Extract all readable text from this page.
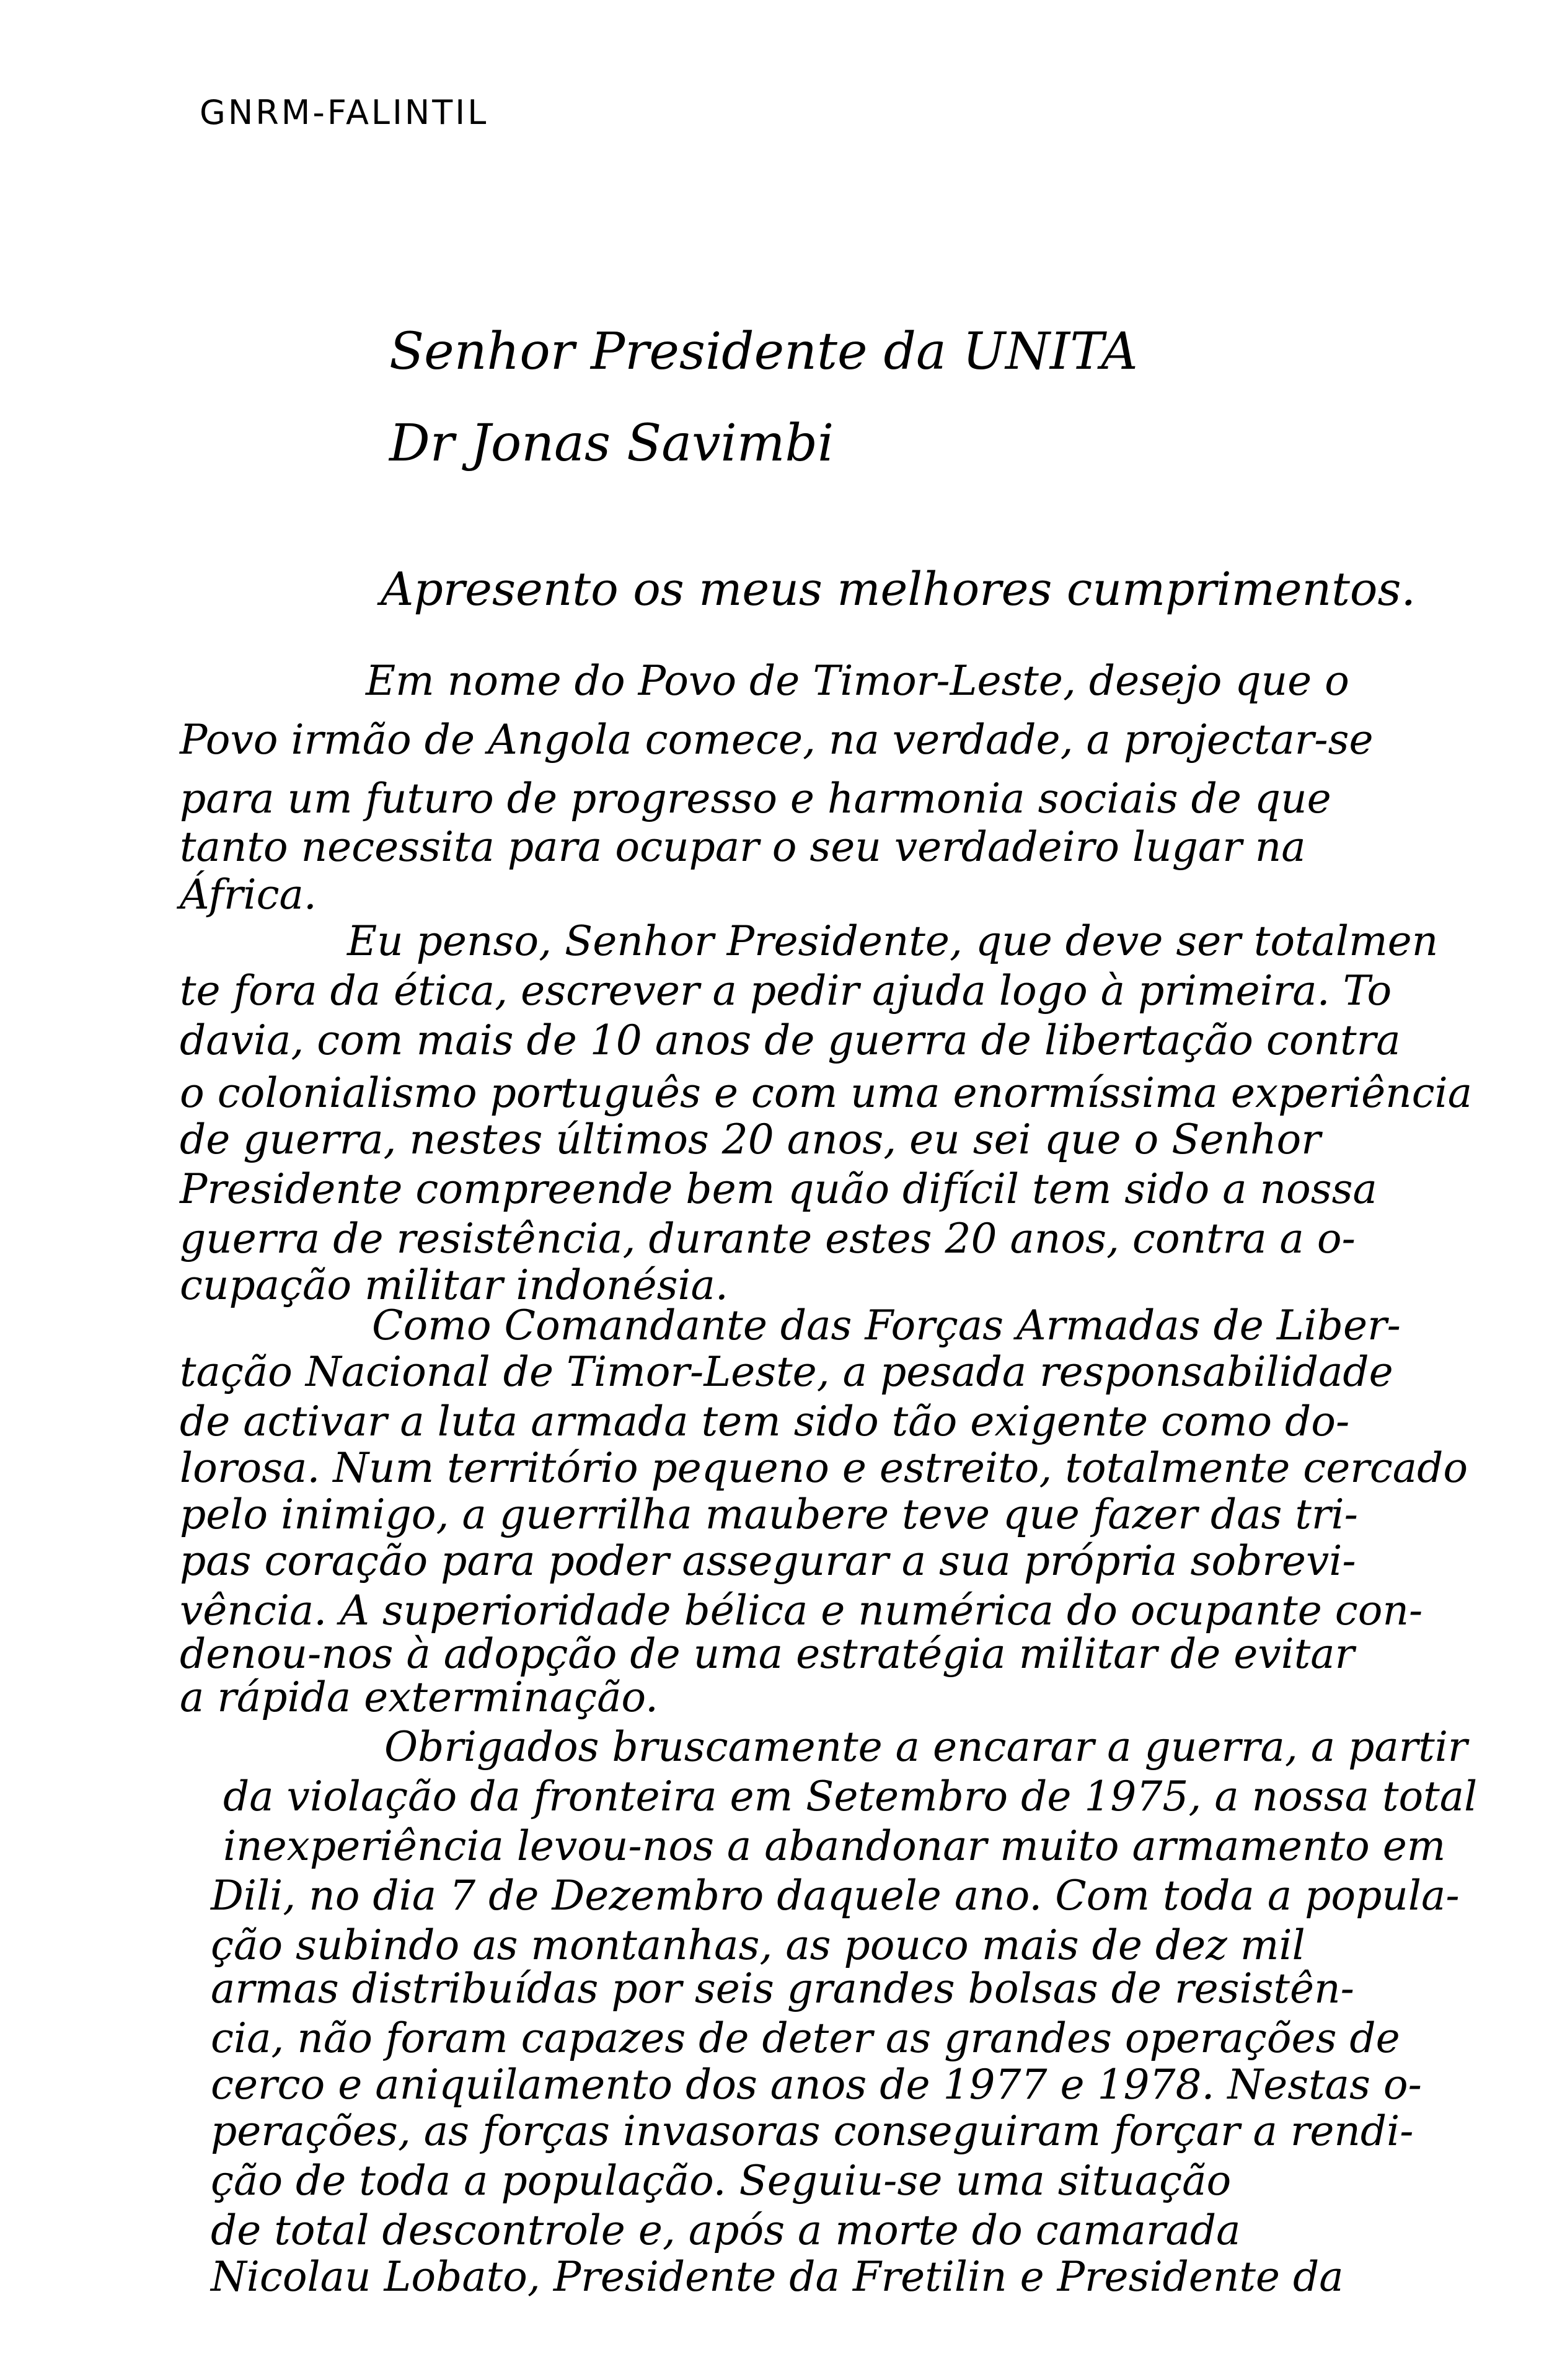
GNRM-FALINTIL
Senhor Presidente da UNITA
Dr Jonas Savimbi
Apresento os meus melhores cumprimentos.
Em nome do Povo de Timor-Leste, desejo que o
Povo irmão de Angola comece, na verdade, a projectar-se
para um futuro de progresso e harmonia sociais de que
tanto necessita para ocupar o seu verdadeiro lugar na
África.
Eu penso, Senhor Presidente, que deve ser totalmen
te fora da ética, escrever a pedir ajuda logo à primeira. To
davia, com mais de 10 anos de guerra de libertação contra
o colonialismo português e com uma enormíssima experiência
de guerra, nestes últimos 20 anos, eu sei que o Senhor
Presidente compreende bem quão difícil tem sido a nossa
guerra de resistência, durante estes 20 anos, contra a o-
cupação militar indonésia.
Como Comandante das Forças Armadas de Liber-
tação Nacional de Timor-Leste, a pesada responsabilidade
de activar a luta armada tem sido tão exigente como do-
lorosa. Num território pequeno e estreito, totalmente cercado
pelo inimigo, a guerrilha maubere teve que fazer das tri-
pas coração para poder assegurar a sua própria sobrevi-
vência. A superioridade bélica e numérica do ocupante con-
denou-nos à adopção de uma estratégia militar de evitar
a rápida exterminação.
Obrigados bruscamente a encarar a guerra, a partir
da violação da fronteira em Setembro de 1975, a nossa total
inexperiência levou-nos a abandonar muito armamento em
Dili, no dia 7 de Dezembro daquele ano. Com toda a popula-
ção subindo as montanhas, as pouco mais de dez mil
armas distribuídas por seis grandes bolsas de resistên-
cia, não foram capazes de deter as grandes operações de
cerco e aniquilamento dos anos de 1977 e 1978. Nestas o-
perações, as forças invasoras conseguiram forçar a rendi-
ção de toda a população. Seguiu-se uma situação
de total descontrole e, após a morte do camarada
Nicolau Lobato, Presidente da Fretilin e Presidente da
